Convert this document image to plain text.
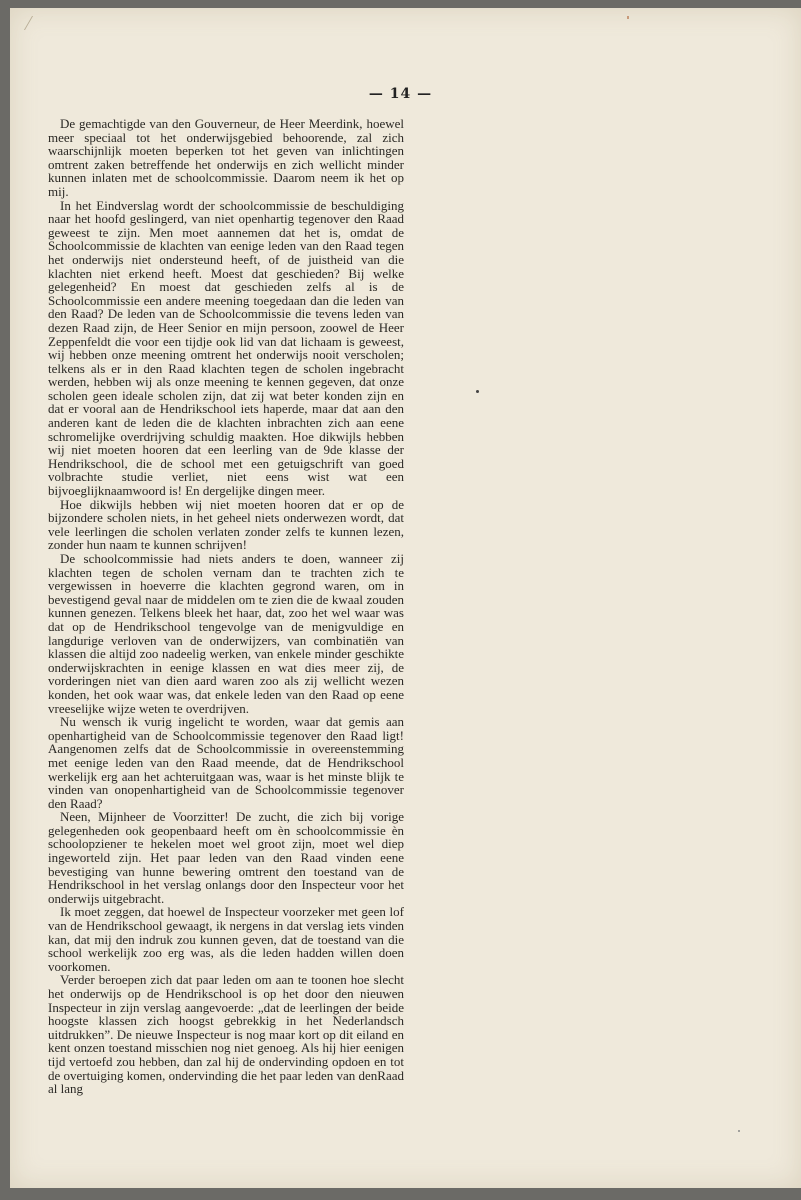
— 14 —

De gemachtigde van den Gouverneur, de Heer Meerdink, hoewel meer speciaal tot het onderwijsgebied behoorende, zal zich waarschijnlijk moeten beperken tot het geven van inlichtingen omtrent zaken betreffende het onderwijs en zich wellicht minder kunnen inlaten met de schoolcommissie. Daarom neem ik het op mij.

In het Eindverslag wordt der schoolcommissie de beschuldiging naar het hoofd geslingerd, van niet openhartig tegenover den Raad geweest te zijn. Men moet aannemen dat het is, omdat de Schoolcommissie de klachten van eenige leden van den Raad tegen het onderwijs niet ondersteund heeft, of de juistheid van die klachten niet erkend heeft. Moest dat geschieden? Bij welke gelegenheid? En moest dat geschieden zelfs al is de Schoolcommissie een andere meening toegedaan dan die leden van den Raad? De leden van de Schoolcommissie die tevens leden van dezen Raad zijn, de Heer Senior en mijn persoon, zoowel de Heer Zeppenfeldt die voor een tijdje ook lid van dat lichaam is geweest, wij hebben onze meening omtrent het onderwijs nooit verscholen; telkens als er in den Raad klachten tegen de scholen ingebracht werden, hebben wij als onze meening te kennen gegeven, dat onze scholen geen ideale scholen zijn, dat zij wat beter konden zijn en dat er vooral aan de Hendrikschool iets haperde, maar dat aan den anderen kant de leden die de klachten inbrachten zich aan eene schromelijke overdrijving schuldig maakten. Hoe dikwijls hebben wij niet moeten hooren dat een leerling van de 9de klasse der Hendrikschool, die de school met een getuigschrift van goed volbrachte studie verliet, niet eens wist wat een bijvoeglijknaamwoord is! En dergelijke dingen meer.

Hoe dikwijls hebben wij niet moeten hooren dat er op de bijzondere scholen niets, in het geheel niets onderwezen wordt, dat vele leerlingen die scholen verlaten zonder zelfs te kunnen lezen, zonder hun naam te kunnen schrijven!

De schoolcommissie had niets anders te doen, wanneer zij klachten tegen de scholen vernam dan te trachten zich te vergewissen in hoeverre die klachten gegrond waren, om in bevestigend geval naar de middelen om te zien die de kwaal zouden kunnen genezen. Telkens bleek het haar, dat, zoo het wel waar was dat op de Hendrikschool tengevolge van de menigvuldige en langdurige verloven van de onderwijzers, van combinatiën van klassen die altijd zoo nadeelig werken, van enkele minder geschikte onderwijskrachten in eenige klassen en wat dies meer zij, de vorderingen niet van dien aard waren zoo als zij wellicht wezen konden, het ook waar was, dat enkele leden van den Raad op eene vreeselijke wijze weten te overdrijven.

Nu wensch ik vurig ingelicht te worden, waar dat gemis aan openhartigheid van de Schoolcommissie tegenover den Raad ligt! Aangenomen zelfs dat de Schoolcommissie in overeenstemming met eenige leden van den Raad meende, dat de Hendrikschool werkelijk erg aan het achteruitgaan was, waar is het minste blijk te vinden van onopenhartigheid van de Schoolcommissie tegenover den Raad?

Neen, Mijnheer de Voorzitter! De zucht, die zich bij vorige gelegenheden ook geopenbaard heeft om èn schoolcommissie èn schoolopziener te hekelen moet wel groot zijn, moet wel diep ingeworteld zijn. Het paar leden van den Raad vinden eene bevestiging van hunne bewering omtrent den toestand van de Hendrikschool in het verslag onlangs door den Inspecteur voor het onderwijs uitgebracht.

Ik moet zeggen, dat hoewel de Inspecteur voorzeker met geen lof van de Hendrikschool gewaagt, ik nergens in dat verslag iets vinden kan, dat mij den indruk zou kunnen geven, dat de toestand van die school werkelijk zoo erg was, als die leden hadden willen doen voorkomen.

Verder beroepen zich dat paar leden om aan te toonen hoe slecht het onderwijs op de Hendrikschool is op het door den nieuwen Inspecteur in zijn verslag aangevoerde: „dat de leerlingen der beide hoogste klassen zich hoogst gebrekkig in het Nederlandsch uitdrukken”. De nieuwe Inspecteur is nog maar kort op dit eiland en kent onzen toestand misschien nog niet genoeg. Als hij hier eenigen tijd vertoefd zou hebben, dan zal hij de ondervinding opdoen en tot de overtuiging komen, ondervinding die het paar leden van denRaad al lang
